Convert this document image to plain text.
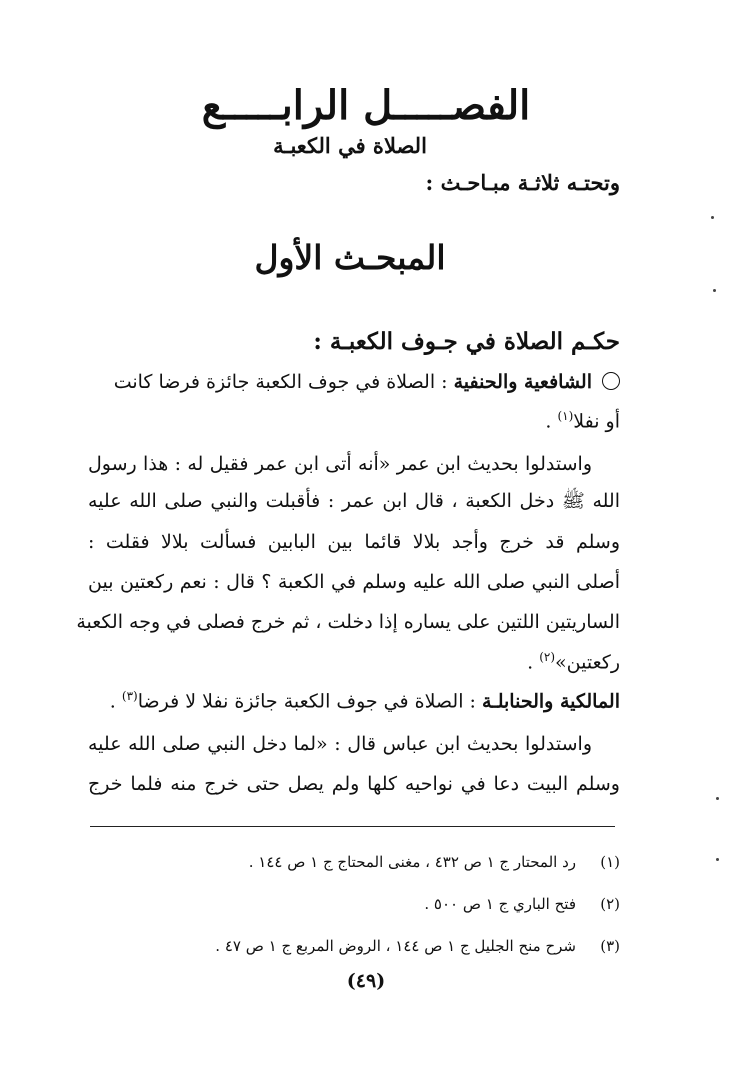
الفصـــــل الرابـــــع
الصلاة في الكعبـة
وتحتـه ثلاثـة مبـاحـث :
المبحـث الأول
حكـم الصلاة في جـوف الكعبـة :
الشافعية والحنفية : الصلاة في جوف الكعبة جائزة فرضا كانت
أو نفلا$^{(١)}$ .
واستدلوا بحديث ابن عمر «أنه أتى ابن عمر فقيل له : هذا رسول
الله ﷺ دخل الكعبة ، قال ابن عمر : فأقبلت والنبي صلى الله عليه
وسلم قد خرج وأجد بلالا قائما بين البابين فسألت بلالا فقلت :
أصلى النبي صلى الله عليه وسلم في الكعبة ؟ قال : نعم ركعتين بين
الساريتين اللتين على يساره إذا دخلت ، ثم خرج فصلى في وجه الكعبة
ركعتين»$^{(٢)}$ .
المالكية والحنابلـة : الصلاة في جوف الكعبة جائزة نفلا لا فرضا$^{(٣)}$ .
واستدلوا بحديث ابن عباس قال : «لما دخل النبي صلى الله عليه
وسلم البيت دعا في نواحيه كلها ولم يصل حتى خرج منه فلما خرج
(١)رد المحتار ج ١ ص ٤٣٢ ، مغنى المحتاج ج ١ ص ١٤٤ .
(٢)فتح الباري ج ١ ص ٥٠٠ .
(٣)شرح منح الجليل ج ١ ص ١٤٤ ، الروض المربع ج ١ ص ٤٧ .
(٤٩)
